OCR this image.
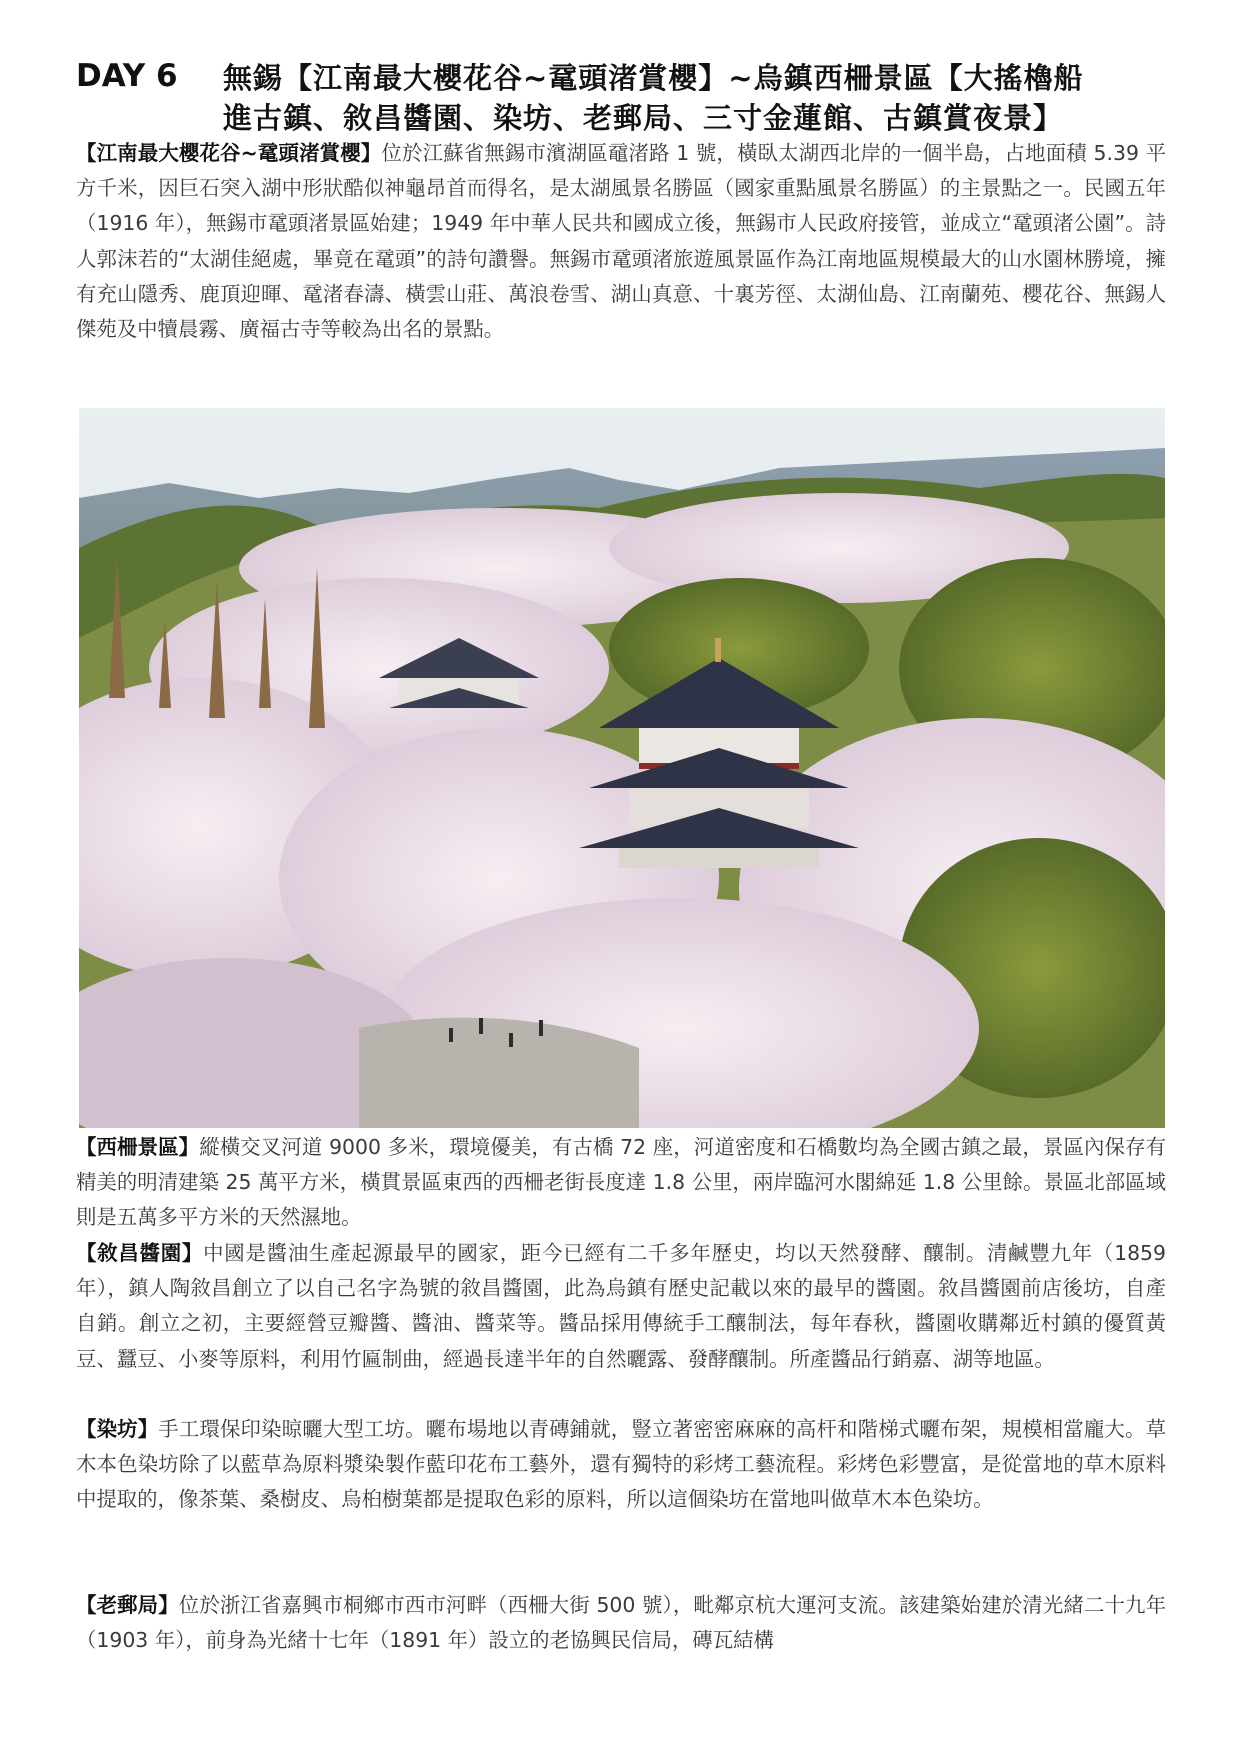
DAY 6 無錫【江南最大櫻花谷~鼋頭渚賞櫻】~烏鎮西柵景區【大搖櫓船
進古鎮、敘昌醬園、染坊、老郵局、三寸金蓮館、古鎮賞夜景】

【江南最大櫻花谷~鼋頭渚賞櫻】位於江蘇省無錫市濱湖區黿渚路 1 號，橫臥太湖西北岸的一個半島，占地面積 5.39 平方千米，因巨石突入湖中形狀酷似神龜昂首而得名，是太湖風景名勝區（國家重點風景名勝區）的主景點之一。民國五年（1916 年），無錫市鼋頭渚景區始建；1949 年中華人民共和國成立後，無錫市人民政府接管，並成立“鼋頭渚公園”。詩人郭沫若的“太湖佳絕處，畢竟在鼋頭”的詩句讚譽。無錫市鼋頭渚旅遊風景區作為江南地區規模最大的山水園林勝境，擁有充山隱秀、鹿頂迎暉、鼋渚春濤、橫雲山莊、萬浪卷雪、湖山真意、十裏芳徑、太湖仙島、江南蘭苑、櫻花谷、無錫人傑苑及中犢晨霧、廣福古寺等較為出名的景點。

【西柵景區】縱橫交叉河道 9000 多米，環境優美，有古橋 72 座，河道密度和石橋數均為全國古鎮之最，景區內保存有精美的明清建築 25 萬平方米，橫貫景區東西的西柵老街長度達 1.8 公里，兩岸臨河水閣綿延 1.8 公里餘。景區北部區域則是五萬多平方米的天然濕地。

【敘昌醬園】中國是醬油生產起源最早的國家，距今已經有二千多年歷史，均以天然發酵、釀制。清鹹豐九年（1859 年），鎮人陶敘昌創立了以自己名字為號的敘昌醬園，此為烏鎮有歷史記載以來的最早的醬園。敘昌醬園前店後坊，自產自銷。創立之初，主要經營豆瓣醬、醬油、醬菜等。醬品採用傳統手工釀制法，每年春秋，醬園收購鄰近村鎮的優質黃豆、蠶豆、小麥等原料，利用竹匾制曲，經過長達半年的自然曬露、發酵釀制。所產醬品行銷嘉、湖等地區。

【染坊】手工環保印染晾曬大型工坊。曬布場地以青磚鋪就，豎立著密密麻麻的高杆和階梯式曬布架，規模相當龐大。草木本色染坊除了以藍草為原料漿染製作藍印花布工藝外，還有獨特的彩烤工藝流程。彩烤色彩豐富，是從當地的草木原料中提取的，像茶葉、桑樹皮、烏桕樹葉都是提取色彩的原料，所以這個染坊在當地叫做草木本色染坊。

【老郵局】位於浙江省嘉興市桐鄉市西市河畔（西柵大街 500 號），毗鄰京杭大運河支流。該建築始建於清光緒二十九年（1903 年），前身為光緒十七年（1891 年）設立的老協興民信局，磚瓦結構
